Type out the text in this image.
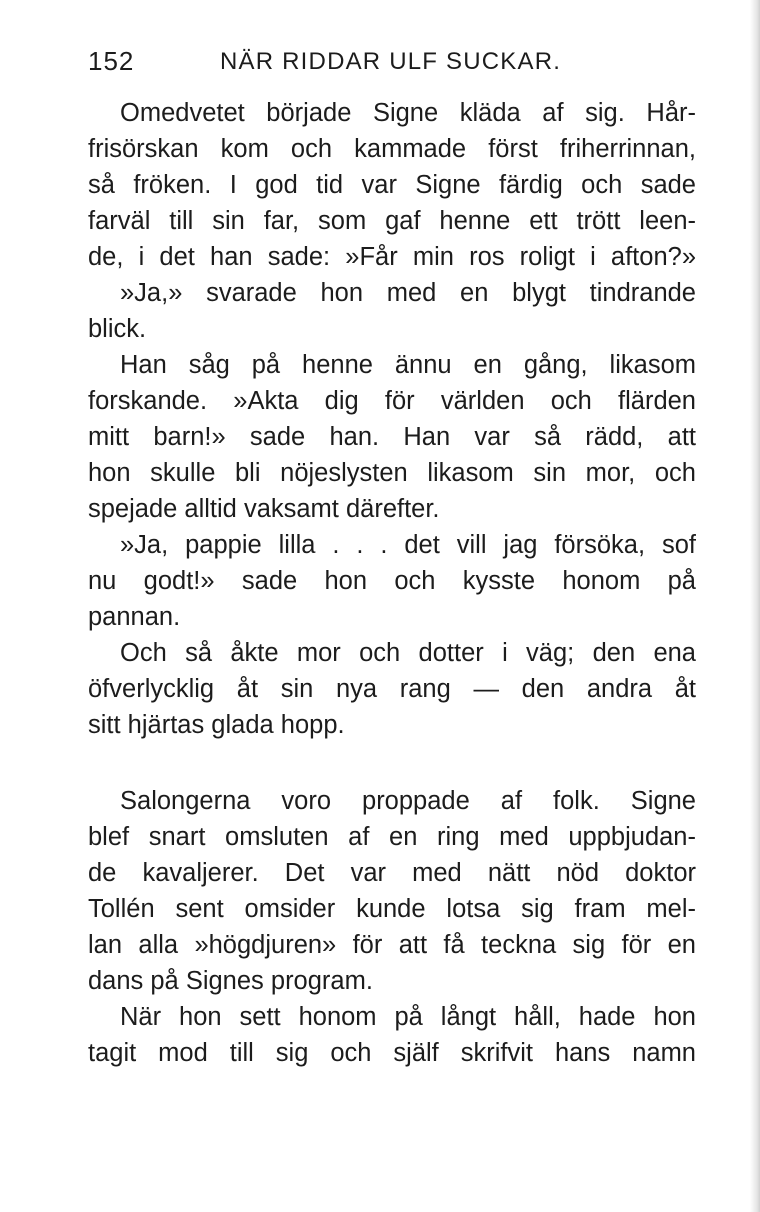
152	NÄR RIDDAR ULF SUCKAR.
Omedvetet började Signe kläda af sig. Hår-
frisörskan kom och kammade först friherrinnan,
så fröken. I god tid var Signe färdig och sade
farväl till sin far, som gaf henne ett trött leen-
de, i det han sade: »Får min ros roligt i afton?»
»Ja,» svarade hon med en blygt tindrande
blick.
Han såg på henne ännu en gång, likasom
forskande. »Akta dig för världen och flärden
mitt barn!» sade han. Han var så rädd, att
hon skulle bli nöjeslysten likasom sin mor, och
spejade alltid vaksamt därefter.
»Ja, pappie lilla . . . det vill jag försöka, sof
nu godt!» sade hon och kysste honom på
pannan.
Och så åkte mor och dotter i väg; den ena
öfverlycklig åt sin nya rang — den andra åt
sitt hjärtas glada hopp.
Salongerna voro proppade af folk. Signe
blef snart omsluten af en ring med uppbjudan-
de kavaljerer. Det var med nätt nöd doktor
Tollén sent omsider kunde lotsa sig fram mel-
lan alla »högdjuren» för att få teckna sig för en
dans på Signes program.
När hon sett honom på långt håll, hade hon
tagit mod till sig och själf skrifvit hans namn
